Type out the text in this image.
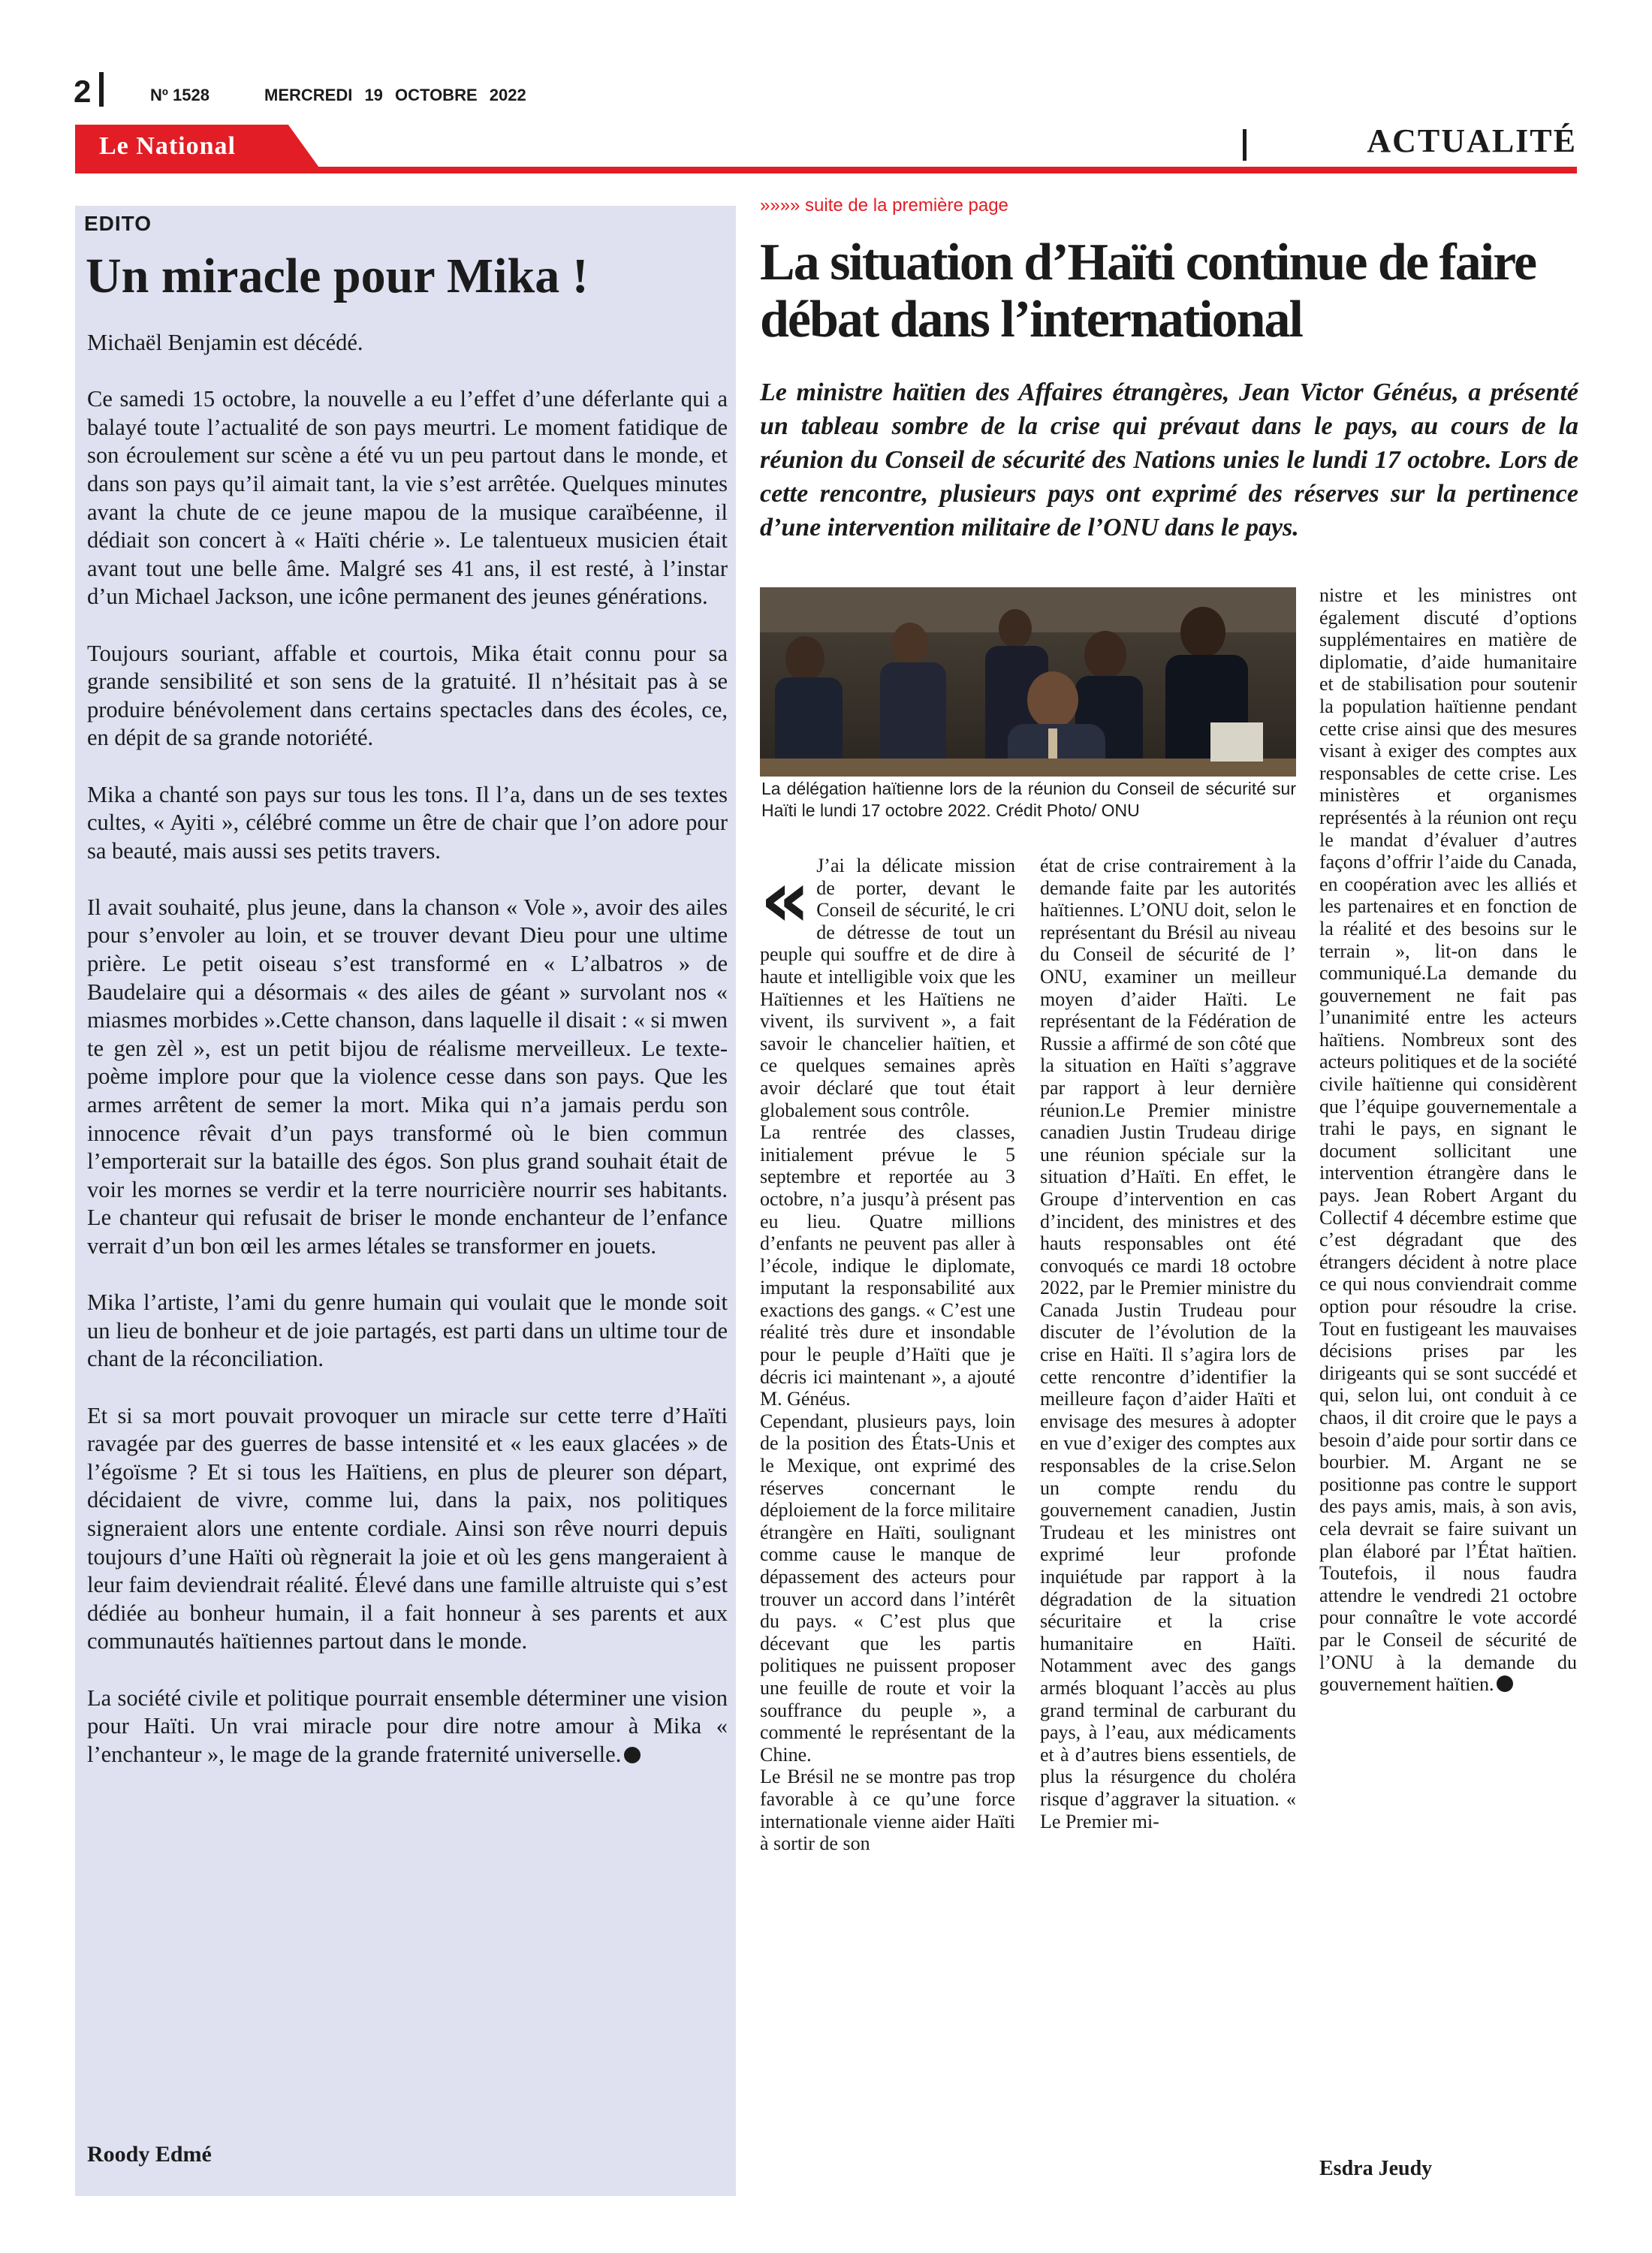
2	Nº 1528	MERCREDI 19 OCTOBRE 2022
Le National	ACTUALITÉ
EDITO
Un miracle pour Mika !

Michaël Benjamin est décédé.

Ce samedi 15 octobre, la nouvelle a eu l’effet d’une déferlante qui a balayé toute l’actualité de son pays meurtri. Le moment fatidique de son écroulement sur scène a été vu un peu partout dans le monde, et dans son pays qu’il aimait tant, la vie s’est arrêtée. Quelques minutes avant la chute de ce jeune mapou de la musique caraïbéenne, il dédiait son concert à « Haïti chérie ». Le talentueux musicien était avant tout une belle âme. Malgré ses 41 ans, il est resté, à l’instar d’un Michael Jackson, une icône permanent des jeunes générations.

Toujours souriant, affable et courtois, Mika était connu pour sa grande sensibilité et son sens de la gratuité. Il n’hésitait pas à se produire bénévolement dans certains spectacles dans des écoles, ce, en dépit de sa grande notoriété.

Mika a chanté son pays sur tous les tons. Il l’a, dans un de ses textes cultes, « Ayiti », célébré comme un être de chair que l’on adore pour sa beauté, mais aussi ses petits travers.

Il avait souhaité, plus jeune, dans la chanson « Vole », avoir des ailes pour s’envoler au loin, et se trouver devant Dieu pour une ultime prière. Le petit oiseau s’est transformé en « L’albatros » de Baudelaire qui a désormais « des ailes de géant » survolant nos « miasmes morbides ».Cette chanson, dans laquelle il disait : « si mwen te gen zèl », est un petit bijou de réalisme merveilleux. Le texte-poème implore pour que la violence cesse dans son pays. Que les armes arrêtent de semer la mort. Mika qui n’a jamais perdu son innocence rêvait d’un pays transformé où le bien commun l’emporterait sur la bataille des égos. Son plus grand souhait était de voir les mornes se verdir et la terre nourricière nourrir ses habitants. Le chanteur qui refusait de briser le monde enchanteur de l’enfance verrait d’un bon œil les armes létales se transformer en jouets.

Mika l’artiste, l’ami du genre humain qui voulait que le monde soit un lieu de bonheur et de joie partagés, est parti dans un ultime tour de chant de la réconciliation.

Et si sa mort pouvait provoquer un miracle sur cette terre d’Haïti ravagée par des guerres de basse intensité et « les eaux glacées » de l’égoïsme ? Et si tous les Haïtiens, en plus de pleurer son départ, décidaient de vivre, comme lui, dans la paix, nos politiques signeraient alors une entente cordiale. Ainsi son rêve nourri depuis toujours d’une Haïti où règnerait la joie et où les gens mangeraient à leur faim deviendrait réalité. Élevé dans une famille altruiste qui s’est dédiée au bonheur humain, il a fait honneur à ses parents et aux communautés haïtiennes partout dans le monde.

La société civile et politique pourrait ensemble déterminer une vision pour Haïti. Un vrai miracle pour dire notre amour à Mika « l’enchanteur », le mage de la grande fraternité universelle.

Roody Edmé
»»»» suite de la première page
La situation d’Haïti continue de faire débat dans l’international
Le ministre haïtien des Affaires étrangères, Jean Victor Généus, a présenté un tableau sombre de la crise qui prévaut dans le pays, au cours de la réunion du Conseil de sécurité des Nations unies le lundi 17 octobre. Lors de cette rencontre, plusieurs pays ont exprimé des réserves sur la pertinence d’une intervention militaire de l’ONU dans le pays.
La délégation haïtienne lors de la réunion du Conseil de sécurité sur Haïti le lundi 17 octobre 2022. Crédit Photo/ ONU
« J’ai la délicate mission de porter, devant le Conseil de sécurité, le cri de détresse de tout un peuple qui souffre et de dire à haute et intelligible voix que les Haïtiennes et les Haïtiens ne vivent, ils survivent », a fait savoir le chancelier haïtien, et ce quelques semaines après avoir déclaré que tout était globalement sous contrôle.

La rentrée des classes, initialement prévue le 5 septembre et reportée au 3 octobre, n’a jusqu’à présent pas eu lieu. Quatre millions d’enfants ne peuvent pas aller à l’école, indique le diplomate, imputant la responsabilité aux exactions des gangs. « C’est une réalité très dure et insondable pour le peuple d’Haïti que je décris ici maintenant », a ajouté M. Généus.

Cependant, plusieurs pays, loin de la position des États-Unis et le Mexique, ont exprimé des réserves concernant le déploiement de la force militaire étrangère en Haïti, soulignant comme cause le manque de dépassement des acteurs pour trouver un accord dans l’intérêt du pays. « C’est plus que décevant que les partis politiques ne puissent proposer une feuille de route et voir la souffrance du peuple », a commenté le représentant de la Chine.

Le Brésil ne se montre pas trop favorable à ce qu’une force internationale vienne aider Haïti à sortir de son

état de crise contrairement à la demande faite par les autorités haïtiennes. L’ONU doit, selon le représentant du Brésil au niveau du Conseil de sécurité de l’ ONU, examiner un meilleur moyen d’aider Haïti. Le représentant de la Fédération de Russie a affirmé de son côté que la situation en Haïti s’aggrave par rapport à leur dernière réunion.Le Premier ministre canadien Justin Trudeau dirige une réunion spéciale sur la situation d’Haïti. En effet, le Groupe d’intervention en cas d’incident, des ministres et des hauts responsables ont été convoqués ce mardi 18 octobre 2022, par le Premier ministre du Canada Justin Trudeau pour discuter de l’évolution de la crise en Haïti. Il s’agira lors de cette rencontre d’identifier la meilleure façon d’aider Haïti et envisage des mesures à adopter en vue d’exiger des comptes aux responsables de la crise.Selon un compte rendu du gouvernement canadien, Justin Trudeau et les ministres ont exprimé leur profonde inquiétude par rapport à la dégradation de la situation sécuritaire et la crise humanitaire en Haïti. Notamment avec des gangs armés bloquant l’accès au plus grand terminal de carburant du pays, à l’eau, aux médicaments et à d’autres biens essentiels, de plus la résurgence du choléra risque d’aggraver la situation. « Le Premier mi-

nistre et les ministres ont également discuté d’options supplémentaires en matière de diplomatie, d’aide humanitaire et de stabilisation pour soutenir la population haïtienne pendant cette crise ainsi que des mesures visant à exiger des comptes aux responsables de cette crise. Les ministères et organismes représentés à la réunion ont reçu le mandat d’évaluer d’autres façons d’offrir l’aide du Canada, en coopération avec les alliés et les partenaires et en fonction de la réalité et des besoins sur le terrain », lit-on dans le communiqué.La demande du gouvernement ne fait pas l’unanimité entre les acteurs haïtiens. Nombreux sont des acteurs politiques et de la société civile haïtienne qui considèrent que l’équipe gouvernementale a trahi le pays, en signant le document sollicitant une intervention étrangère dans le pays. Jean Robert Argant du Collectif 4 décembre estime que c’est dégradant que des étrangers décident à notre place ce qui nous conviendrait comme option pour résoudre la crise. Tout en fustigeant les mauvaises décisions prises par les dirigeants qui se sont succédé et qui, selon lui, ont conduit à ce chaos, il dit croire que le pays a besoin d’aide pour sortir dans ce bourbier. M. Argant ne se positionne pas contre le support des pays amis, mais, à son avis, cela devrait se faire suivant un plan élaboré par l’État haïtien. Toutefois, il nous faudra attendre le vendredi 21 octobre pour connaître le vote accordé par le Conseil de sécurité de l’ONU à la demande du gouvernement haïtien.

Esdra Jeudy
